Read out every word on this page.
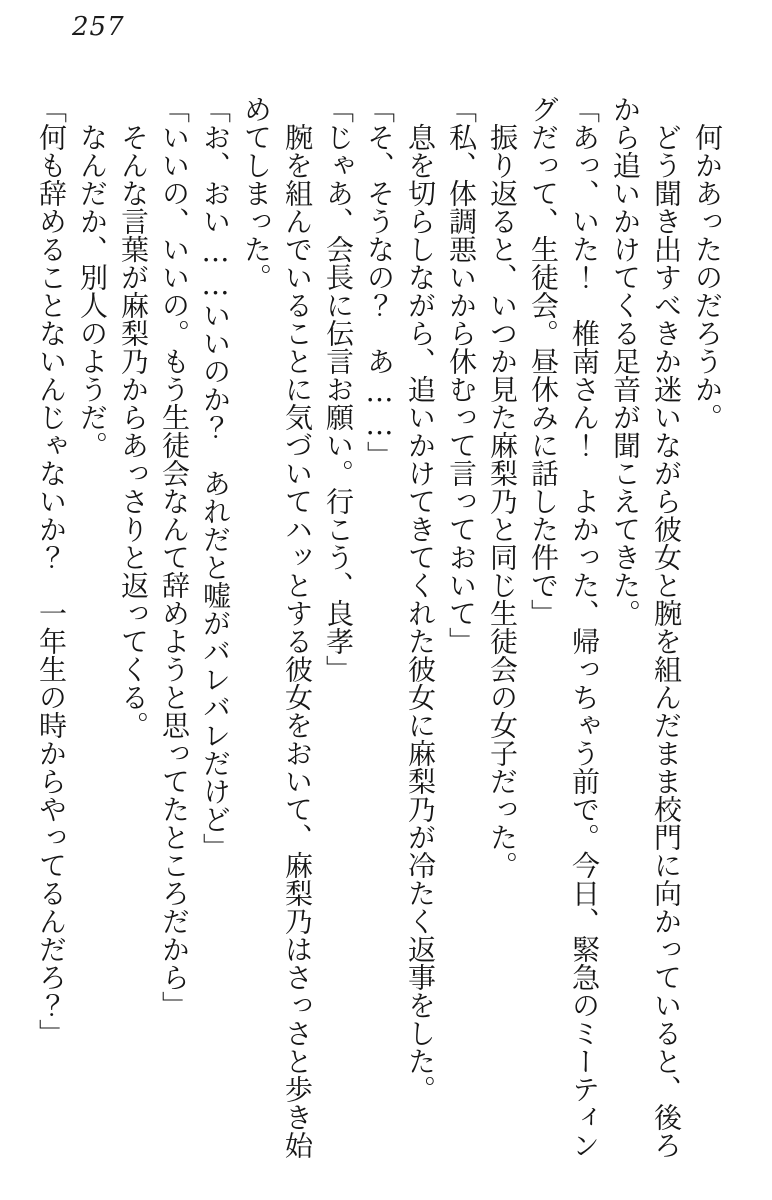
257
　何かあったのだろうか。
　どう聞き出すべきか迷いながら彼女と腕を組んだまま校門に向かっていると、後ろ
から追いかけてくる足音が聞こえてきた。
「あっ、いた！　椎南さん！　よかった、帰っちゃう前で。今日、緊急のミーティン
グだって、生徒会。昼休みに話した件で」
　振り返ると、いつか見た麻梨乃と同じ生徒会の女子だった。
「私、体調悪いから休むって言っておいて」
　息を切らしながら、追いかけてきてくれた彼女に麻梨乃が冷たく返事をした。
「そ、そうなの？　あ……」
「じゃあ、会長に伝言お願い。行こう、良孝」
　腕を組んでいることに気づいてハッとする彼女をおいて、麻梨乃はさっさと歩き始
めてしまった。
「お、おい……いいのか？　あれだと嘘がバレバレだけど」
「いいの、いいの。もう生徒会なんて辞めようと思ってたところだから」
　そんな言葉が麻梨乃からあっさりと返ってくる。
　なんだか、別人のようだ。
「何も辞めることないんじゃないか？　一年生の時からやってるんだろ？」
